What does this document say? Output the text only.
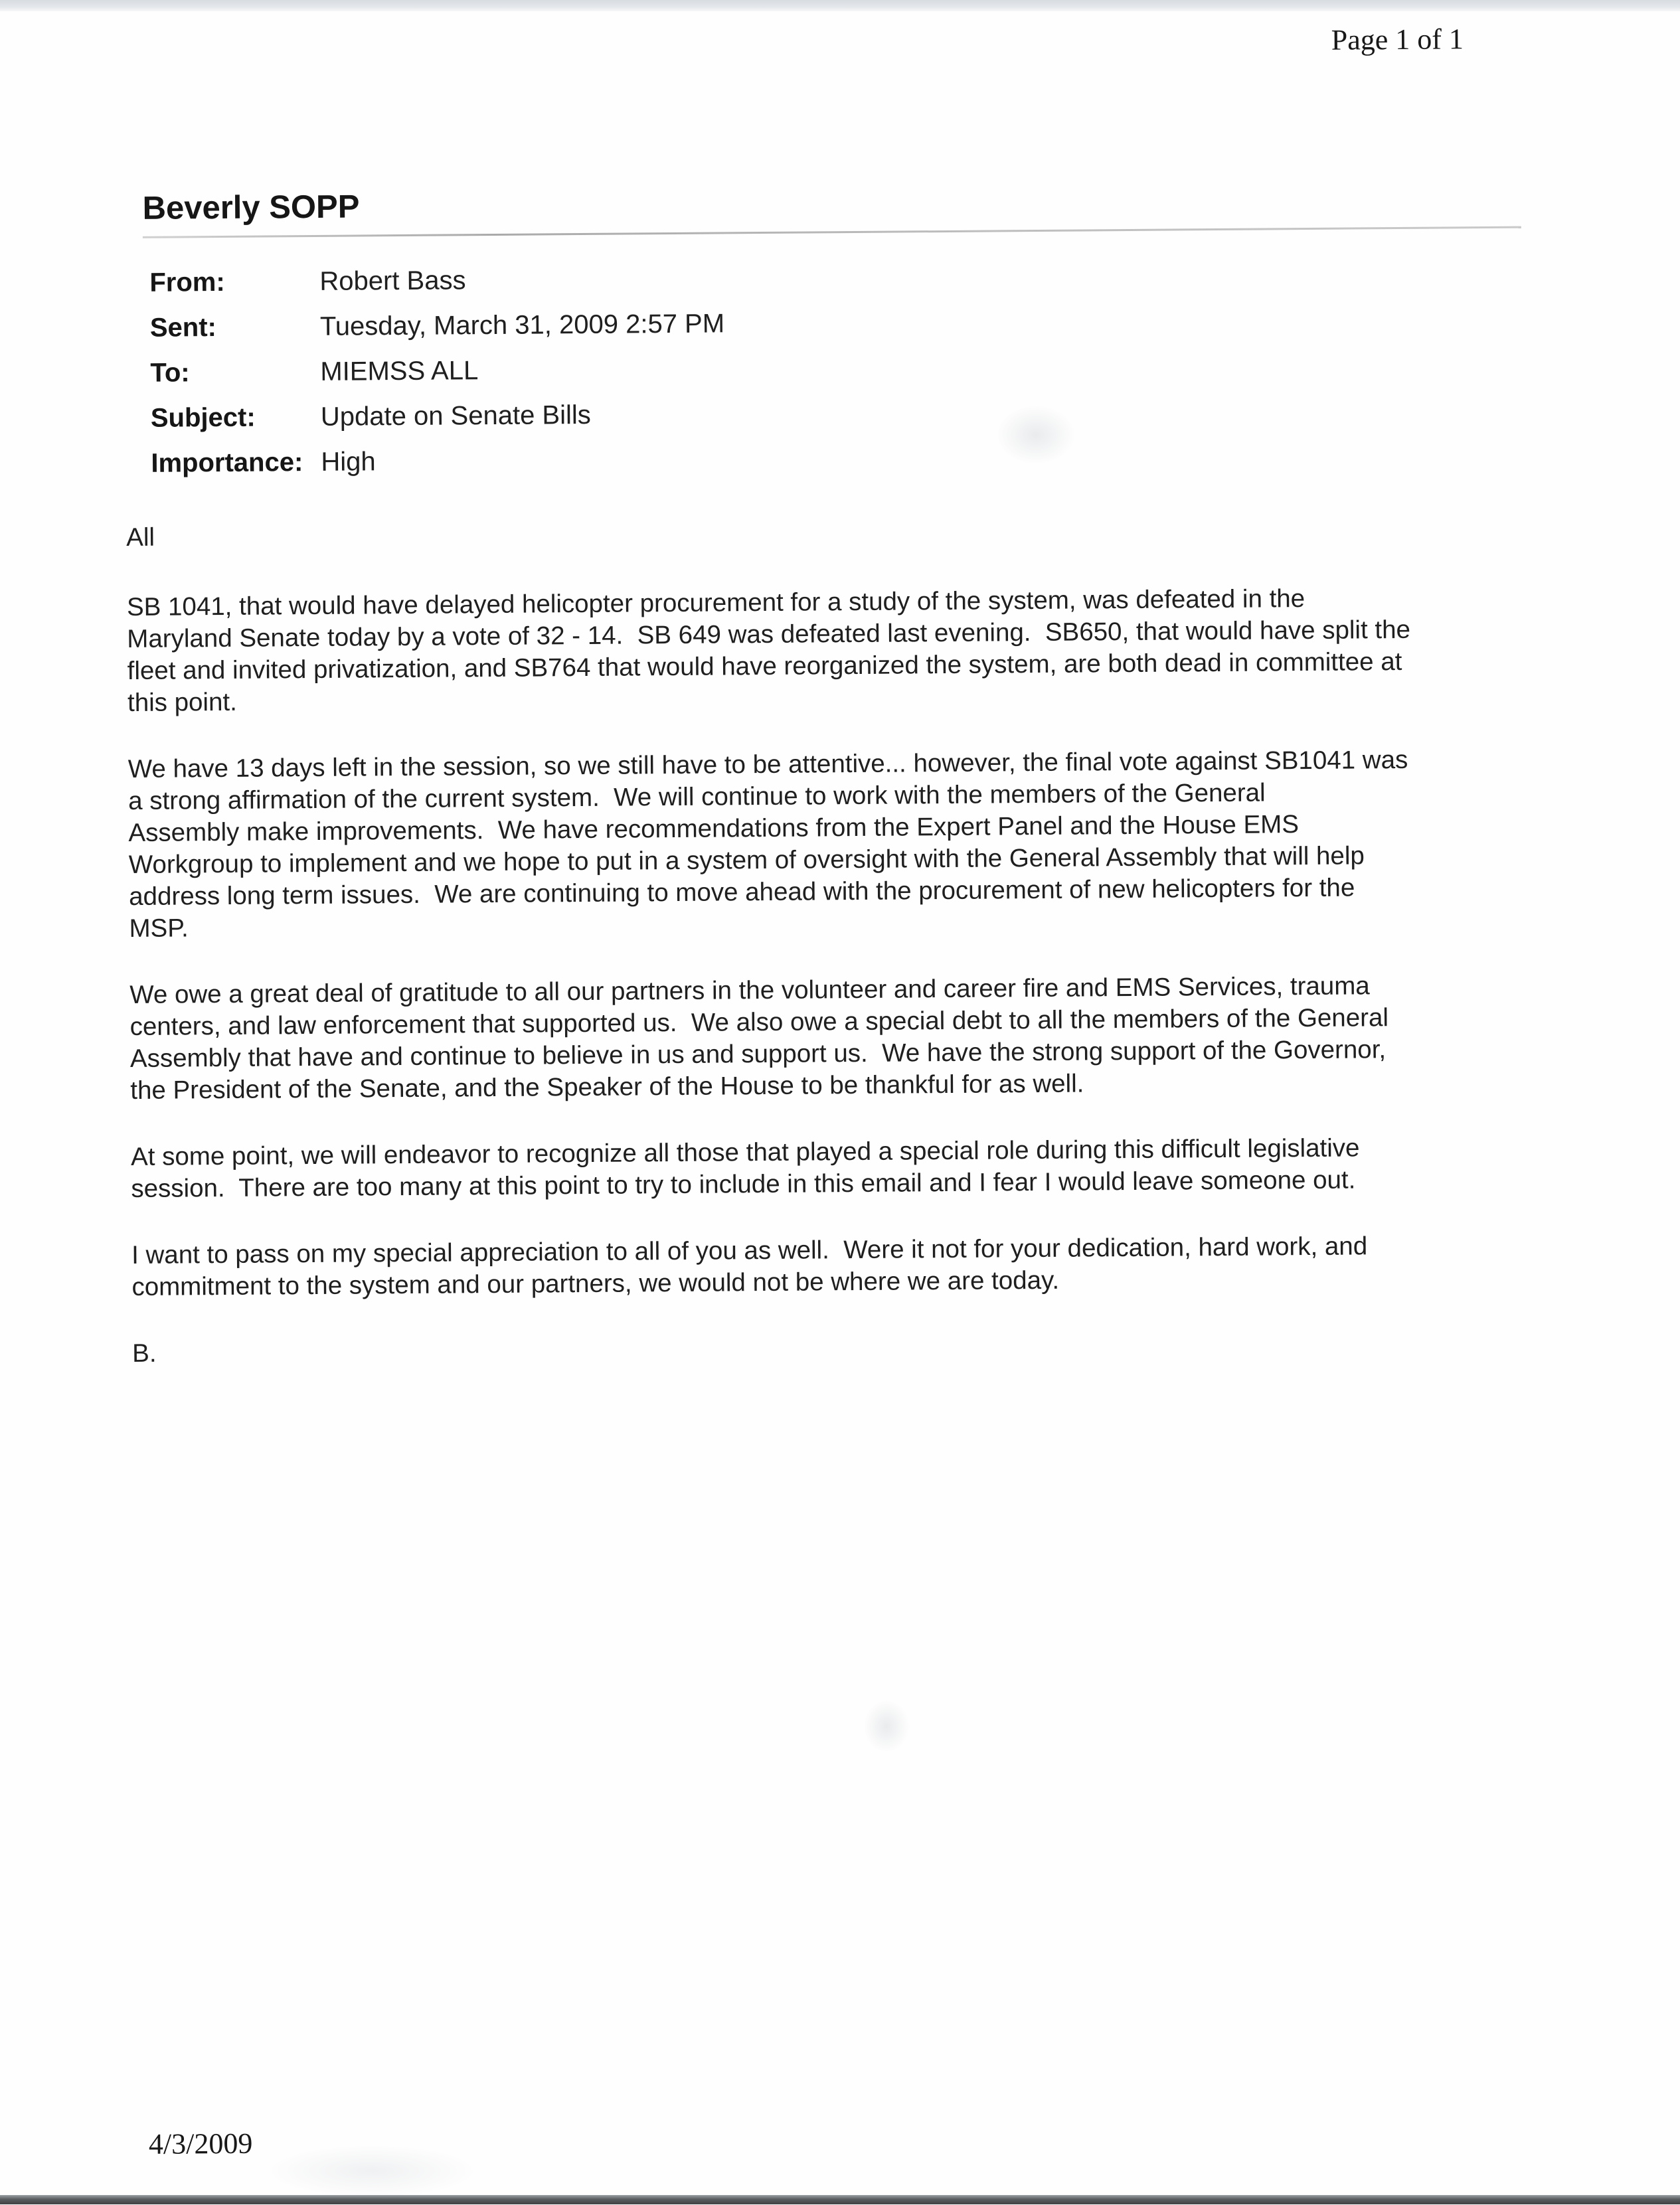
Page 1 of 1
Beverly SOPP
From:	Robert Bass
Sent:	Tuesday, March 31, 2009 2:57 PM
To:	MIEMSS ALL
Subject:	Update on Senate Bills
Importance: High

All

SB 1041, that would have delayed helicopter procurement for a study of the system, was defeated in the
Maryland Senate today by a vote of 32 - 14.  SB 649 was defeated last evening.  SB650, that would have split the
fleet and invited privatization, and SB764 that would have reorganized the system, are both dead in committee at
this point.

We have 13 days left in the session, so we still have to be attentive... however, the final vote against SB1041 was
a strong affirmation of the current system.  We will continue to work with the members of the General
Assembly make improvements.  We have recommendations from the Expert Panel and the House EMS
Workgroup to implement and we hope to put in a system of oversight with the General Assembly that will help
address long term issues.  We are continuing to move ahead with the procurement of new helicopters for the
MSP.

We owe a great deal of gratitude to all our partners in the volunteer and career fire and EMS Services, trauma
centers, and law enforcement that supported us.  We also owe a special debt to all the members of the General
Assembly that have and continue to believe in us and support us.  We have the strong support of the Governor,
the President of the Senate, and the Speaker of the House to be thankful for as well.

At some point, we will endeavor to recognize all those that played a special role during this difficult legislative
session.  There are too many at this point to try to include in this email and I fear I would leave someone out.

I want to pass on my special appreciation to all of you as well.  Were it not for your dedication, hard work, and
commitment to the system and our partners, we would not be where we are today.

B.

4/3/2009
